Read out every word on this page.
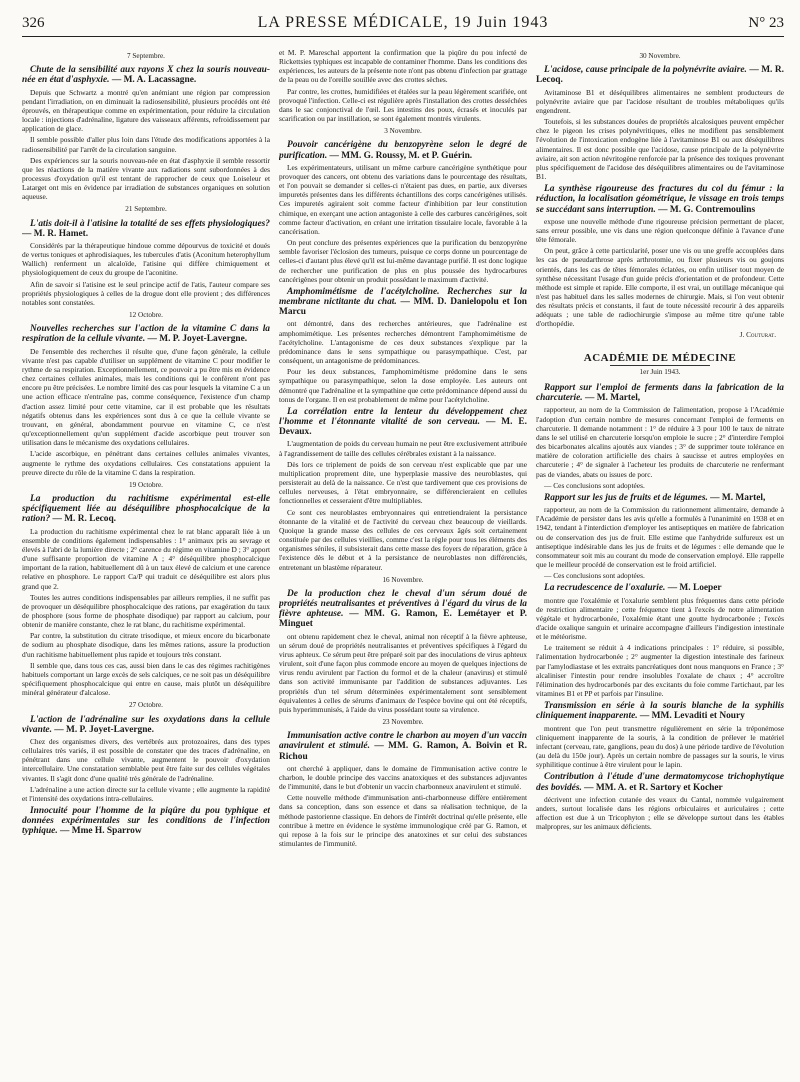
326	LA PRESSE MÉDICALE, 19 Juin 1943	N° 23
7 Septembre.

Chute de la sensibilité aux rayons X chez la souris nouveau-née en état d'asphyxie. — M. A. Lacassagne.

Depuis que Schwartz a montré qu'en anémiant une région par compression pendant l'irradiation, on en diminuait la radiosensibilité, plusieurs procédés ont été éprouvés, en thérapeutique comme en expérimentation, pour réduire la circulation locale : injections d'adrénaline, ligature des vaisseaux afférents, refroidissement par application de glace.

Il semble possible d'aller plus loin dans l'étude des modifications apportées à la radiosensibilité par l'arrêt de la circulation sanguine.

Des expériences sur la souris nouveau-née en état d'asphyxie il semble ressortir que les réactions de la matière vivante aux radiations sont subordonnées à des processus d'oxydation qu'il est tentant de rapprocher de ceux que Loiseleur et Latarget ont mis en évidence par irradiation de substances organiques en solution aqueuse.

21 Septembre.

L'atis doit-il à l'atisine la totalité de ses effets physiologiques? — M. R. Hamet.

Considérés par la thérapeutique hindoue comme dépourvus de toxicité et doués de vertus toniques et aphrodisiaques, les tubercules d'atis (Aconitum heterophyllum Wallich) renferment un alcaloïde, l'atisine qui diffère chimiquement et physiologiquement de ceux du groupe de l'aconitine.

Afin de savoir si l'atisine est le seul principe actif de l'atis, l'auteur compare ses propriétés physiologiques à celles de la drogue dont elle provient ; des différences notables sont constatées.

12 Octobre.

Nouvelles recherches sur l'action de la vitamine C dans la respiration de la cellule vivante. — M. P. Joyet-Lavergne.

De l'ensemble des recherches il résulte que, d'une façon générale, la cellule vivante n'est pas capable d'utiliser un supplément de vitamine C pour modifier le rythme de sa respiration. Exceptionnellement, ce pouvoir a pu être mis en évidence chez certaines cellules animales, mais les conditions qui le confèrent n'ont pas encore pu être précisées. Le nombre limité des cas pour lesquels la vitamine C a un une action efficace n'entraîne pas, comme conséquence, l'existence d'un champ d'action assez limité pour cette vitamine, car il est probable que les résultats négatifs obtenus dans les expériences sont dus à ce que la cellule vivante se trouvant, en général, abondamment pourvue en vitamine C, ce n'est qu'exceptionnellement qu'un supplément d'acide ascorbique peut trouver son utilisation dans le mécanisme des oxydations cellulaires.

L'acide ascorbique, en pénétrant dans certaines cellules animales vivantes, augmente le rythme des oxydations cellulaires. Ces constatations appuient la preuve directe du rôle de la vitamine C dans la respiration.

19 Octobre.

La production du rachitisme expérimental est-elle spécifiquement liée au déséquilibre phosphocalcique de la ration? — M. R. Lecoq.

La production du rachitisme expérimental chez le rat blanc apparaît liée à un ensemble de conditions également indispensables : 1° animaux pris au sevrage et élevés à l'abri de la lumière directe ; 2° carence du régime en vitamine D ; 3° apport d'une suffisante proportion de vitamine A ; 4° déséquilibre phosphocalcique important de la ration, habituellement dû à un taux élevé de calcium et une carence relative en phosphore. Le rapport Ca/P qui traduit ce déséquilibre est alors plus grand que 2.

Toutes les autres conditions indispensables par ailleurs remplies, il ne suffit pas de provoquer un déséquilibre phosphocalcique des rations, par exagération du taux de phosphore (sous forme de phosphate disodique) par rapport au calcium, pour obtenir de manière constante, chez le rat blanc, du rachitisme expérimental.

Par contre, la substitution du citrate trisodique, et mieux encore du bicarbonate de sodium au phosphate disodique, dans les mêmes rations, assure la production d'un rachitisme habituellement plus rapide et toujours très constant.

Il semble que, dans tous ces cas, aussi bien dans le cas des régimes rachitigènes habituels comportant un large excès de sels calciques, ce ne soit pas un déséquilibre spécifiquement phosphocalcique qui entre en cause, mais plutôt un déséquilibre minéral générateur d'alcalose.

27 Octobre.

L'action de l'adrénaline sur les oxydations dans la cellule vivante. — M. P. Joyet-Lavergne.

Chez des organismes divers, des vertébrés aux protozoaires, dans des types cellulaires très variés, il est possible de constater que des traces d'adrénaline, en pénétrant dans une cellule vivante, augmentent le pouvoir d'oxydation intercellulaire. Une constatation semblable peut être faite sur des cellules végétales vivantes. Il s'agit donc d'une qualité très générale de l'adrénaline.

L'adrénaline a une action directe sur la cellule vivante ; elle augmente la rapidité et l'intensité des oxydations intra-cellulaires.

Innocuité pour l'homme de la piqûre du pou typhique et données expérimentales sur les conditions de l'infection typhique. — Mme H. Sparrow

et M. P. Mareschal apportent la confirmation que la piqûre du pou infecté de Rickettsies typhiques est incapable de contaminer l'homme. Dans les conditions des expériences, les auteurs de la présente note n'ont pas obtenu d'infection par grattage de la peau ou de l'oreille souillée avec des crottes sèches.

Par contre, les crottes, humidifiées et étalées sur la peau légèrement scarifiée, ont provoqué l'infection. Celle-ci est régulière après l'installation des crottes desséchées dans le sac conjonctival de l'œil. Les intestins des poux, écrasés et inoculés par scarification ou par instillation, se sont également montrés virulents.

3 Novembre.

Pouvoir cancérigène du benzopyrène selon le degré de purification. — MM. G. Roussy, M. et P. Guérin.

Les expérimentateurs, utilisant un même carbure cancérigène synthétique pour provoquer des cancers, ont obtenu des variations dans le pourcentage des résultats, et l'on pouvait se demander si celles-ci n'étaient pas dues, en partie, aux diverses impuretés présentes dans les différents échantillons des corps cancérigènes utilisés. Ces impuretés agiraient soit comme facteur d'inhibition par leur constitution chimique, en exerçant une action antagoniste à celle des carbures cancérigènes, soit comme facteur d'activation, en créant une irritation tissulaire locale, favorable à la cancérisation.

On peut conclure des présentes expériences que la purification du benzopyrène semble favoriser l'éclosion des tumeurs, puisque ce corps donne un pourcentage de celles-ci d'autant plus élevé qu'il est lui-même davantage purifié. Il est donc logique de rechercher une purification de plus en plus poussée des hydrocarbures cancérigènes pour obtenir un produit possédant le maximum d'activité.

Amphomimétisme de l'acétylcholine. Recherches sur la membrane nictitante du chat. — MM. D. Danielopolu et Ion Marcu

ont démontré, dans des recherches antérieures, que l'adrénaline est amphomimétique. Les présentes recherches démontrent l'amphomimétisme de l'acétylcholine. L'antagonisme de ces deux substances s'explique par la prédominance dans le sens sympathique ou parasympathique. C'est, par conséquent, un antagonisme de prédominances.

Pour les deux substances, l'amphomimétisme prédomine dans le sens sympathique ou parasympathique, selon la dose employée. Les auteurs ont démontré que l'adrénaline et la sympathine que cette prédominance dépend aussi du tonus de l'organe. Il en est probablement de même pour l'acétylcholine.

La corrélation entre la lenteur du développement chez l'homme et l'étonnante vitalité de son cerveau. — M. E. Devaux.

L'augmentation de poids du cerveau humain ne peut être exclusivement attribuée à l'agrandissement de taille des cellules cérébrales existant à la naissance.

Dès lors ce triplement de poids de son cerveau n'est explicable que par une multiplication proprement dite, une hyperplasie massive des neuroblastes, qui persisterait au delà de la naissance. Ce n'est que tardivement que ces provisions de cellules nerveuses, à l'état embryonnaire, se différencieraient en cellules fonctionnelles et cesseraient d'être multipliables.

Ce sont ces neuroblastes embryonnaires qui entretiendraient la persistance étonnante de la vitalité et de l'activité du cerveau chez beaucoup de vieillards. Quoique la grande masse des cellules de ces cerveaux âgés soit certainement constituée par des cellules vieillies, comme c'est la règle pour tous les éléments des organismes séniles, il subsisterait dans cette masse des foyers de réparation, grâce à l'existence dès le début et à la persistance de neuroblastes non différenciés, entretenant un blastème réparateur.

16 Novembre.

De la production chez le cheval d'un sérum doué de propriétés neutralisantes et préventives à l'égard du virus de la fièvre aphteuse. — MM. G. Ramon, E. Lemétayer et P. Minguet

ont obtenu rapidement chez le cheval, animal non réceptif à la fièvre aphteuse, un sérum doué de propriétés neutralisantes et préventives spécifiques à l'égard du virus aphteux. Ce sérum peut être préparé soit par des inoculations de virus aphteux virulent, soit d'une façon plus commode encore au moyen de quelques injections de virus rendu avirulent par l'action du formol et de la chaleur (anavirus) et stimulé dans son activité immunisante par l'addition de substances adjuvantes. Les propriétés d'un tel sérum déterminées expérimentalement sont sensiblement équivalentes à celles de sérums d'animaux de l'espèce bovine qui ont été réceptifs, puis hyperimmunisés, à l'aide du virus possédant toute sa virulence.

23 Novembre.

Immunisation active contre le charbon au moyen d'un vaccin anavirulent et stimulé. — MM. G. Ramon, A. Boivin et R. Richou

ont cherché à appliquer, dans le domaine de l'immunisation active contre le charbon, le double principe des vaccins anatoxiques et des substances adjuvantes de l'immunité, dans le but d'obtenir un vaccin charbonneux anavirulent et stimulé.

Cette nouvelle méthode d'immunisation anti-charbonneuse diffère entièrement dans sa conception, dans son essence et dans sa réalisation technique, de la méthode pastorienne classique. En dehors de l'intérêt doctrinal qu'elle présente, elle contribue à mettre en évidence le système immunologique créé par G. Ramon, et qui repose à la fois sur le principe des anatoxines et sur celui des substances stimulantes de l'immunité.

30 Novembre.

L'acidose, cause principale de la polynévrite aviaire. — M. R. Lecoq.

Avitaminose B1 et déséquilibres alimentaires ne semblent producteurs de polynévrite aviaire que par l'acidose résultant de troubles métaboliques qu'ils engendrent.

Toutefois, si les substances douées de propriétés alcalosiques peuvent empêcher chez le pigeon les crises polynévritiques, elles ne modifient pas sensiblement l'évolution de l'intoxication endogène liée à l'avitaminose B1 ou aux déséquilibres alimentaires. Il est donc possible que l'acidose, cause principale de la polynévrite aviaire, ait son action névritogène renforcée par la présence des toxiques provenant plus spécifiquement de l'acidose des déséquilibres alimentaires ou de l'avitaminose B1.

La synthèse rigoureuse des fractures du col du fémur : la réduction, la localisation géométrique, le vissage en trois temps se succédant sans interruption. — M. G. Contremoulins

expose une nouvelle méthode d'une rigoureuse précision permettant de placer, sans erreur possible, une vis dans une région quelconque définie à l'avance d'une tête fémorale.

On peut, grâce à cette particularité, poser une vis ou une greffe accouplées dans les cas de pseudarthrose après arthrotomie, ou fixer plusieurs vis ou goujons orientés, dans les cas de têtes fémorales éclatées, ou enfin utiliser tout moyen de synthèse nécessitant l'usage d'un guide précis d'orientation et de profondeur. Cette méthode est simple et rapide. Elle comporte, il est vrai, un outillage mécanique qui n'est pas habituel dans les salles modernes de chirurgie. Mais, si l'on veut obtenir des résultats précis et constants, il faut de toute nécessité recourir à des appareils adéquats ; une table de radiochirurgie s'impose au même titre qu'une table d'orthopédie.

J. Couturat.
ACADÉMIE DE MÉDECINE
1er Juin 1943.

Rapport sur l'emploi de ferments dans la fabrication de la charcuterie. — M. Martel,

rapporteur, au nom de la Commission de l'alimentation, propose à l'Académie l'adoption d'un certain nombre de mesures concernant l'emploi de ferments en charcuterie. Il demande notamment : 1° de réduire à 3 pour 100 le taux de nitrate dans le sel utilisé en charcuterie lorsqu'on emploie le sucre ; 2° d'interdire l'emploi des bicarbonates alcalins ajoutés aux viandes ; 3° de supprimer toute tolérance en matière de coloration artificielle des chairs à saucisse et autres employées en charcuterie ; 4° de signaler à l'acheteur les produits de charcuterie ne renfermant pas de viandes, abats ou issues de porc.

— Ces conclusions sont adoptées.

Rapport sur les jus de fruits et de légumes. — M. Martel,

rapporteur, au nom de la Commission du rationnement alimentaire, demande à l'Académie de persister dans les avis qu'elle a formulés à l'unanimité en 1938 et en 1942, tendant à l'interdiction d'employer les antiseptiques en matière de fabrication ou de conservation des jus de fruit. Elle estime que l'anhydride sulfureux est un antiseptique indésirable dans les jus de fruits et de légumes : elle demande que le consommateur soit mis au courant du mode de conservation employé. Elle rappelle que le meilleur procédé de conservation est le froid artificiel.

— Ces conclusions sont adoptées.

La recrudescence de l'oxalurie. — M. Loeper

montre que l'oxalémie et l'oxalurie semblent plus fréquentes dans cette période de restriction alimentaire ; cette fréquence tient à l'excès de notre alimentation végétale et hydrocarbonée, l'oxalémie étant une goutte hydrocarbonée ; l'excès d'acide oxalique sanguin et urinaire accompagne d'ailleurs l'indigestion intestinale et le météorisme.

Le traitement se réduit à 4 indications principales : 1° réduire, si possible, l'alimentation hydrocarbonée ; 2° augmenter la digestion intestinale des farineux par l'amylodiastase et les extraits pancréatiques dont nous manquons en France ; 3° alcaliniser l'intestin pour rendre insolubles l'oxalate de chaux ; 4° accroître l'élimination des hydrocarbonés par des excitants du foie comme l'artichaut, par les vitamines B1 et PP et parfois par l'insuline.

Transmission en série à la souris blanche de la syphilis cliniquement inapparente. — MM. Levaditi et Noury

montrent que l'on peut transmettre régulièrement en série la tréponémose cliniquement inapparente de la souris, à la condition de prélever le matériel infectant (cerveau, rate, ganglions, peau du dos) à une période tardive de l'évolution (au delà du 150e jour). Après un certain nombre de passages sur la souris, le virus syphilitique continue à être virulent pour le lapin.

Contribution à l'étude d'une dermatomycose trichophytique des bovidés. — MM. A. et R. Sartory et Kocher

décrivent une infection cutanée des veaux du Cantal, nommée vulgairement anders, surtout localisée dans les régions orbiculaires et auriculaires ; cette affection est due à un Tricophyton ; elle se développe surtout dans les étables malpropres, sur les animaux déficients.
